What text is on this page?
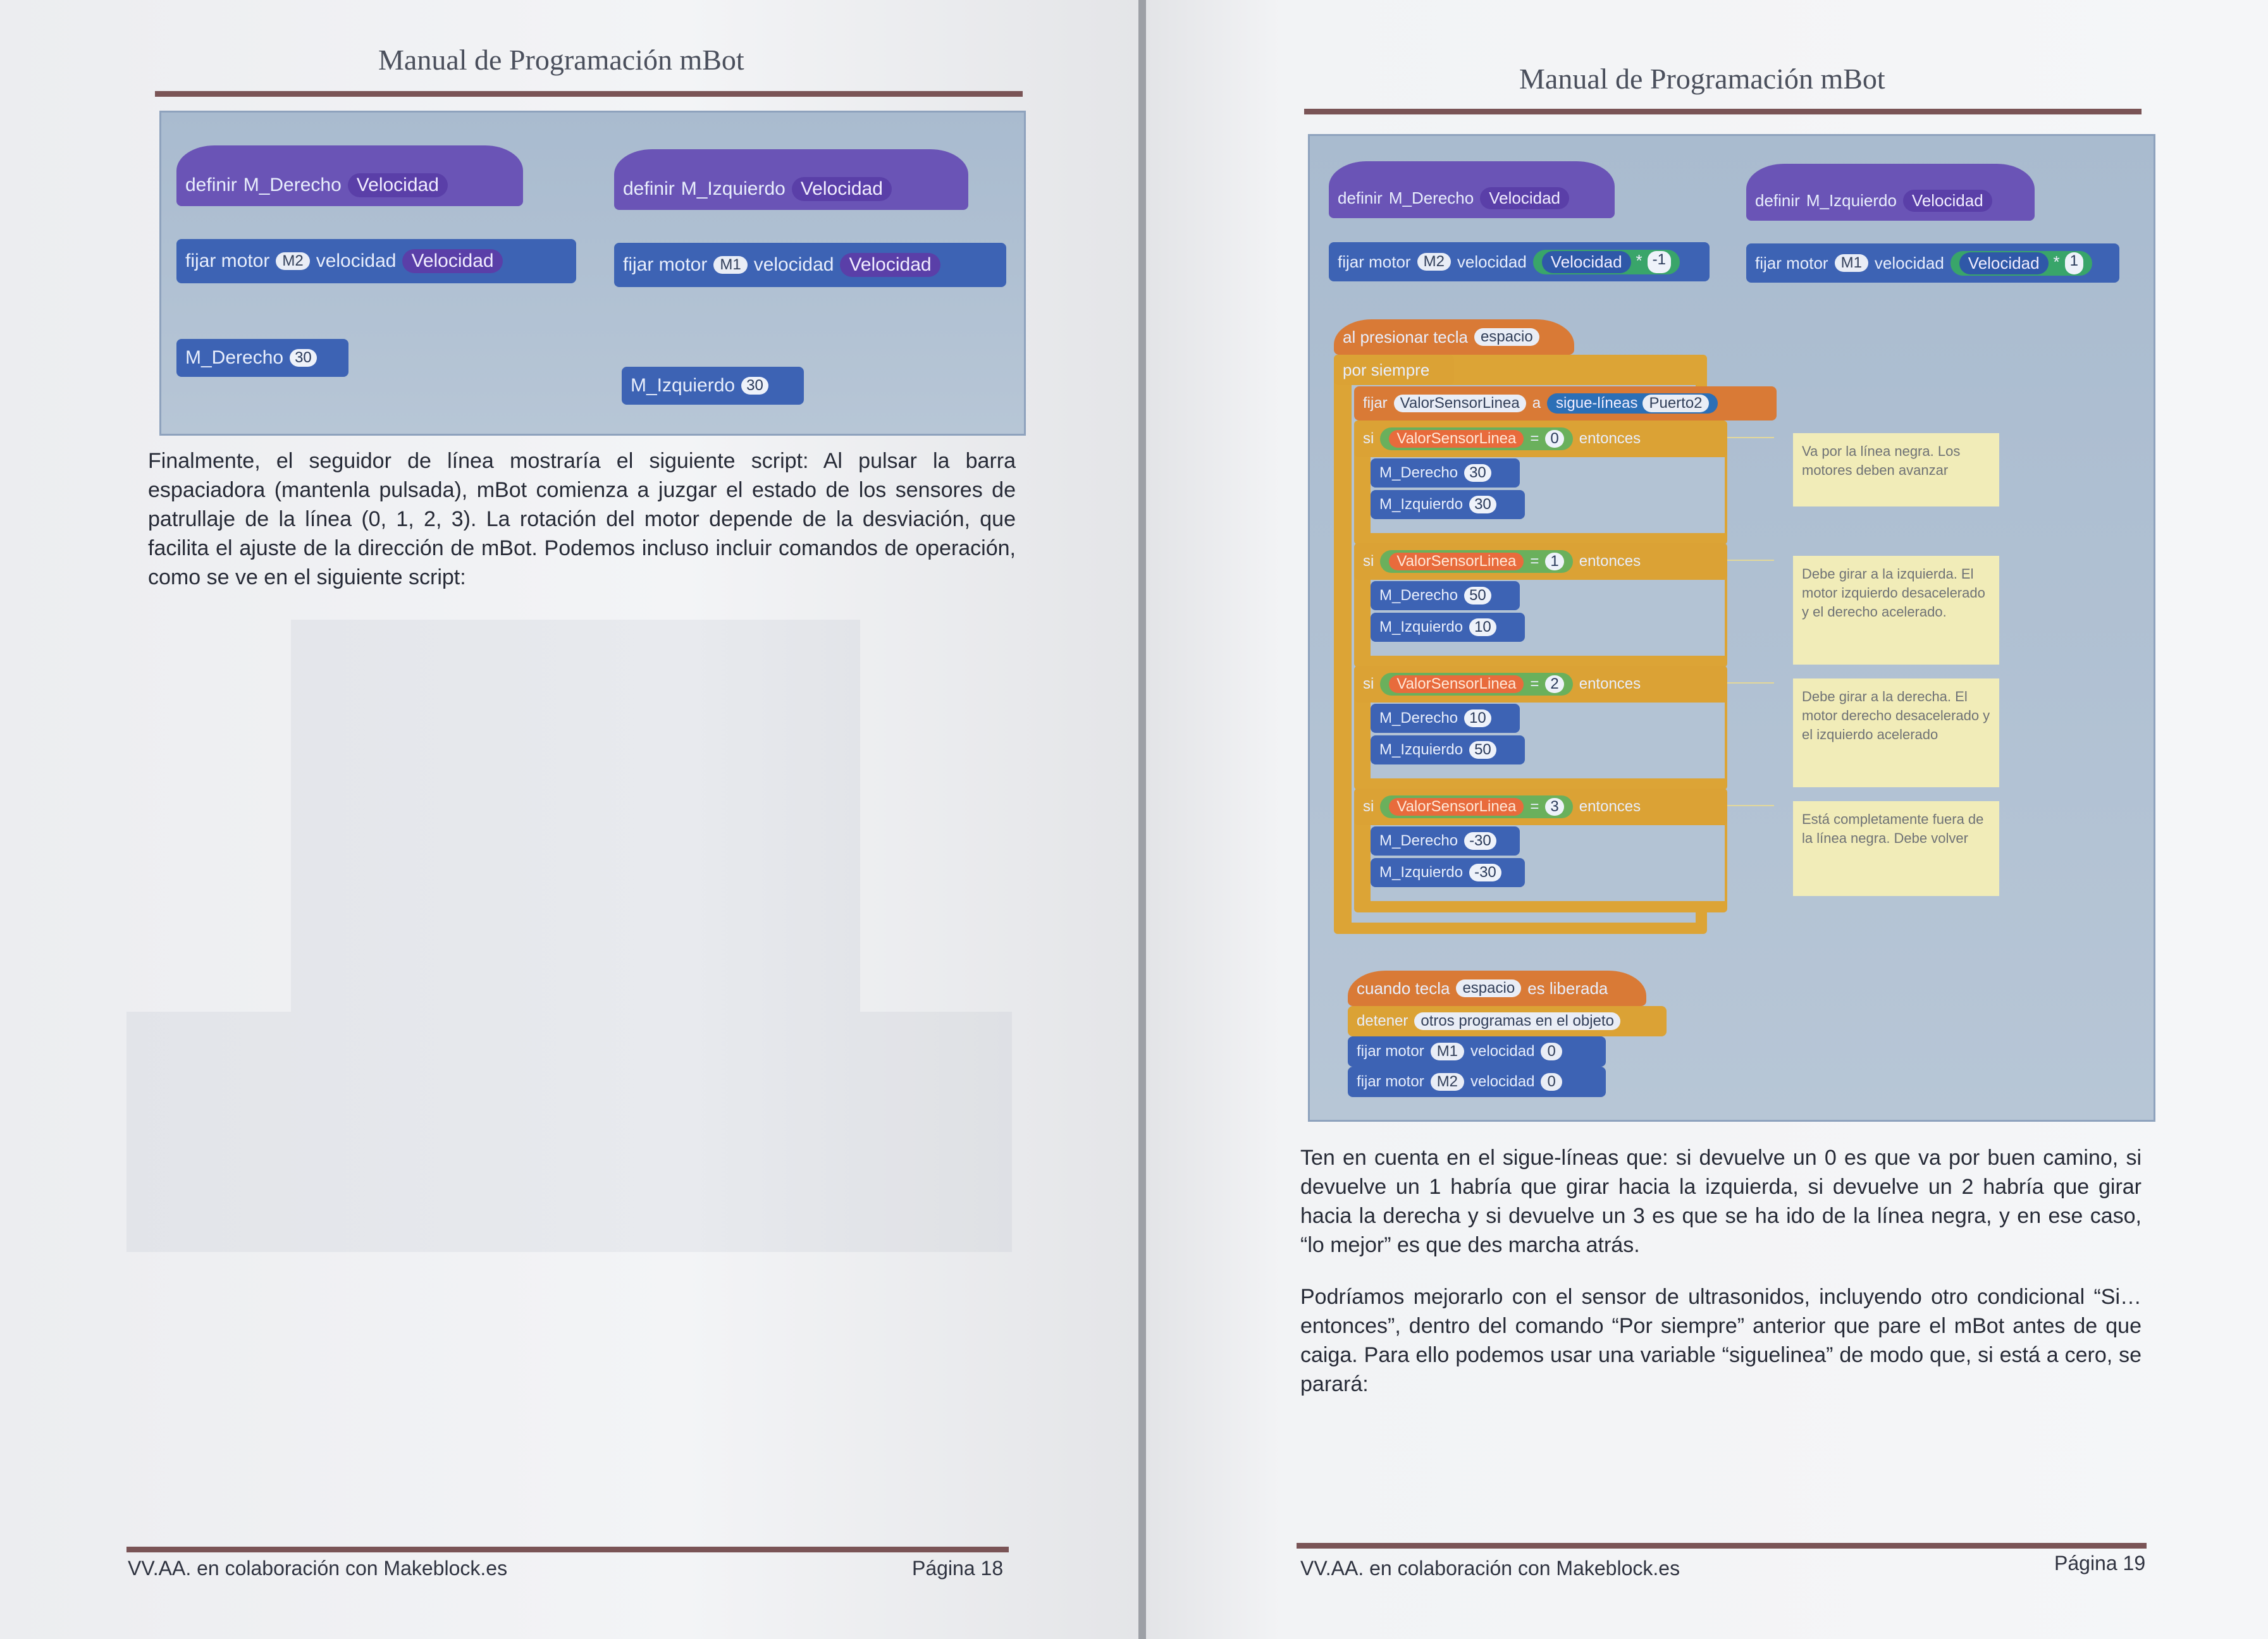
Manual de Programación mBot
definir M_Derecho Velocidad
fijar motor M2 velocidad Velocidad
definir M_Izquierdo Velocidad
fijar motor M1 velocidad Velocidad
M_Derecho 30
M_Izquierdo 30

Finalmente, el seguidor de línea mostraría el siguiente script: Al pulsar la barra espaciadora (mantenla pulsada), mBot comienza a juzgar el estado de los sensores de patrullaje de la línea (0, 1, 2, 3). La rotación del motor depende de la desviación, que facilita el ajuste de la dirección de mBot. Podemos incluso incluir comandos de operación, como se ve en el siguiente script:

VV.AA. en colaboración con Makeblock.es	Página 18
Manual de Programación mBot
definir M_Derecho Velocidad
fijar motor M2 velocidad	Velocidad * -1
definir M_Izquierdo Velocidad
fijar motor M1 velocidad	Velocidad * 1
al presionar tecla espacio
por siempre
fijar ValorSensorLinea a sigue-líneas Puerto2
si	ValorSensorLinea = 0	entonces
M_Derecho 30
M_Izquierdo 30
Va por la línea negra. Los motores deben avanzar
si	ValorSensorLinea = 1	entonces
M_Derecho 50
M_Izquierdo 10
Debe girar a la izquierda. El motor izquierdo desacelerado y el derecho acelerado.
si	ValorSensorLinea = 2	entonces
M_Derecho 10
M_Izquierdo 50
Debe girar a la derecha. El motor derecho desacelerado y el izquierdo acelerado
si	ValorSensorLinea = 3	entonces
M_Derecho -30
M_Izquierdo -30
Está completamente fuera de la línea negra. Debe volver
cuando tecla espacio es liberada
detener otros programas en el objeto
fijar motor M1 velocidad 0
fijar motor M2 velocidad 0

Ten en cuenta en el sigue-líneas que: si devuelve un 0 es que va por buen camino, si devuelve un 1 habría que girar hacia la izquierda, si devuelve un 2 habría que girar hacia la derecha y si devuelve un 3 es que se ha ido de la línea negra, y en ese caso, “lo mejor” es que des marcha atrás.

Podríamos mejorarlo con el sensor de ultrasonidos, incluyendo otro condicional “Si…entonces”, dentro del comando “Por siempre” anterior que pare el mBot antes de que caiga. Para ello podemos usar una variable “siguelinea” de modo que, si está a cero, se parará:

VV.AA. en colaboración con Makeblock.es	Página 19
